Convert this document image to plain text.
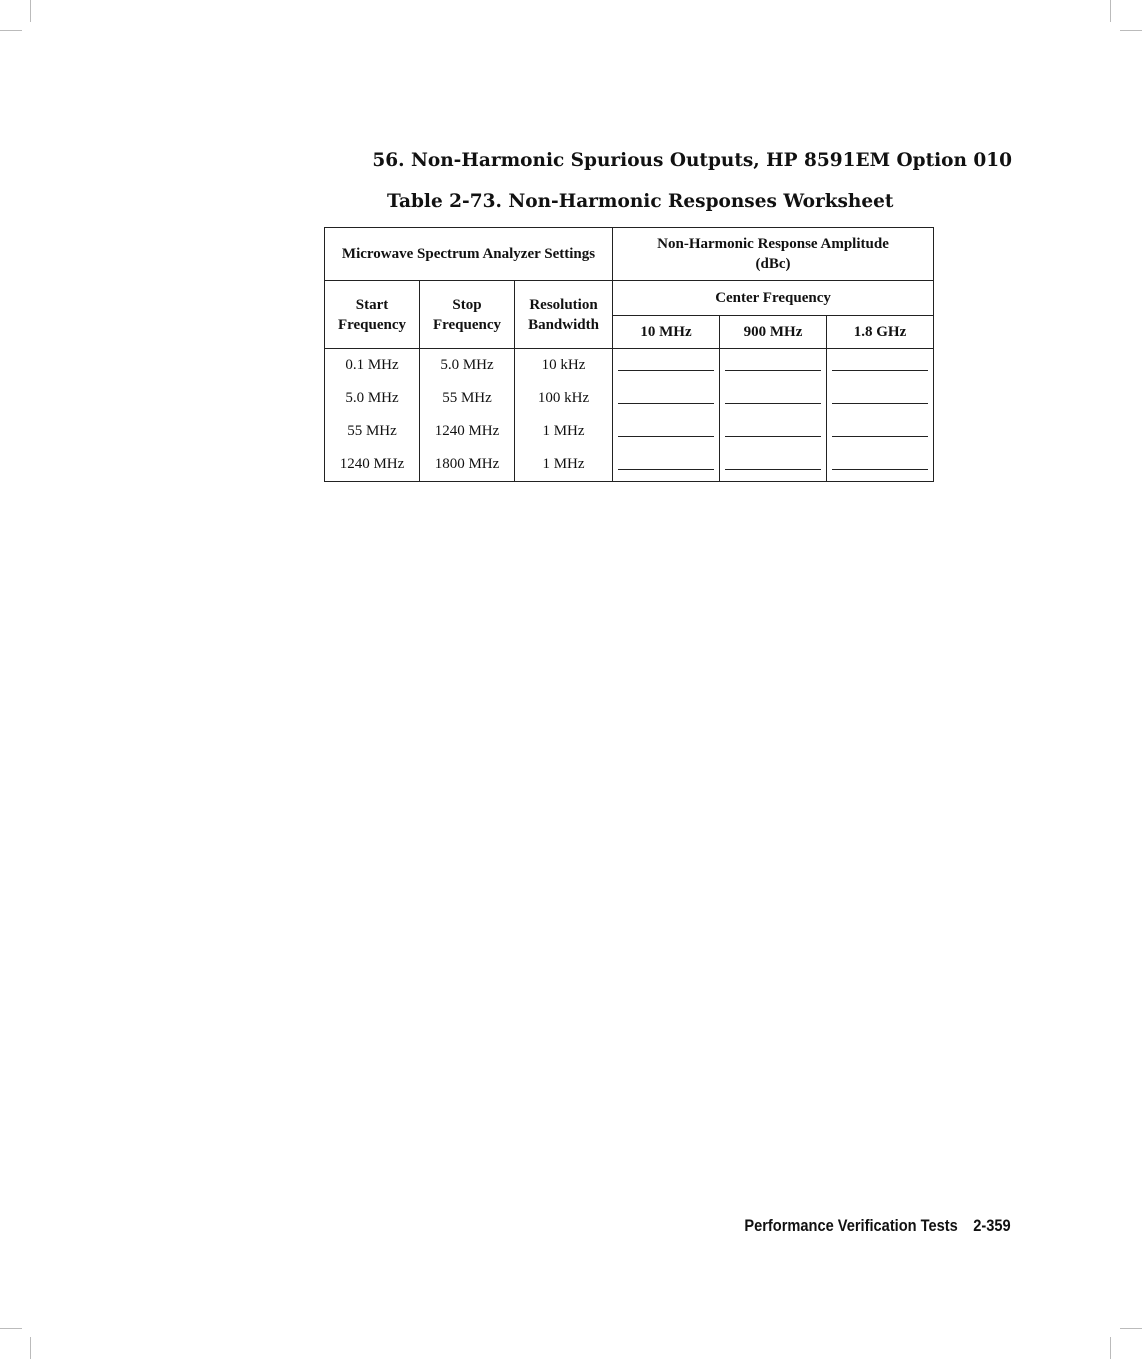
56. Non-Harmonic Spurious Outputs, HP 8591EM Option 010
Table 2-73. Non-Harmonic Responses Worksheet
Microwave Spectrum Analyzer Settings			Non-Harmonic Response Amplitude (dBc)		
Start Frequency	Stop Frequency	Resolution Bandwidth	Center Frequency		
			10 MHz	900 MHz	1.8 GHz
0.1 MHz	5.0 MHz	10 kHz	

5.0 MHz	55 MHz	100 kHz	

55 MHz	1240 MHz	1 MHz	

1240 MHz	1800 MHz	1 MHz	

Performance Verification Tests 2-359
